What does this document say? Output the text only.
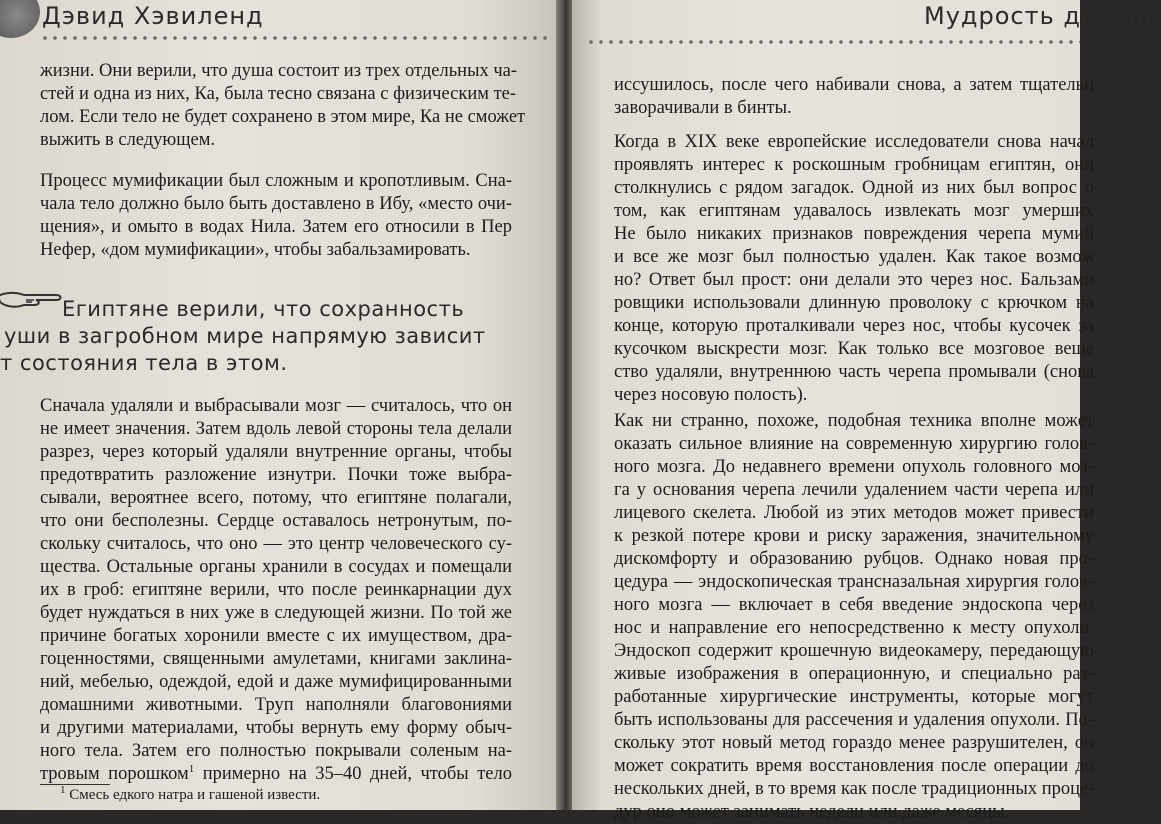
Дэвид Хэвиленд
жизни. Они верили, что душа состоит из трех отдельных ча-
стей и одна из них, Ка, была тесно связана с физическим те-
лом. Если тело не будет сохранено в этом мире, Ка не сможет
выжить в следующем.
Процесс мумификации был сложным и кропотливым. Сна-
чала тело должно было быть доставлено в Ибу, «место очи-
щения», и омыто в водах Нила. Затем его относили в Пер
Нефер, «дом мумификации», чтобы забальзамировать.
Египтяне верили, что сохранность
уши в загробном мире напрямую зависит
т состояния тела в этом.
Сначала удаляли и выбрасывали мозг — считалось, что он
не имеет значения. Затем вдоль левой стороны тела делали
разрез, через который удаляли внутренние органы, чтобы
предотвратить разложение изнутри. Почки тоже выбра-
сывали, вероятнее всего, потому, что египтяне полагали,
что они бесполезны. Сердце оставалось нетронутым, по-
скольку считалось, что оно — это центр человеческого су-
щества. Остальные органы хранили в сосудах и помещали
их в гроб: египтяне верили, что после реинкарнации дух
будет нуждаться в них уже в следующей жизни. По той же
причине богатых хоронили вместе с их имуществом, дра-
гоценностями, священными амулетами, книгами заклина-
ний, мебелью, одеждой, едой и даже мумифицированными
домашними животными. Труп наполняли благовониями
и другими материалами, чтобы вернуть ему форму обыч-
ного тела. Затем его полностью покрывали соленым на-
тровым порошком$^1$ примерно на 35–40 дней, чтобы тело
$^1$ Смесь едкого натра и гашеной извести.
Мудрость древни
иссушилось, после чего набивали снова, а затем тщательн
заворачивали в бинты.
Когда в XIX веке европейские исследователи снова начал
проявлять интерес к роскошным гробницам египтян, они
столкнулись с рядом загадок. Одной из них был вопрос о
том, как египтянам удавалось извлекать мозг умерших
Не было никаких признаков повреждения черепа мумий
и все же мозг был полностью удален. Как такое возмож
но? Ответ был прост: они делали это через нос. Бальзами
ровщики использовали длинную проволоку с крючком на
конце, которую проталкивали через нос, чтобы кусочек за
кусочком выскрести мозг. Как только все мозговое веще
ство удаляли, внутреннюю часть черепа промывали (снова
через носовую полость).
Как ни странно, похоже, подобная техника вполне может
оказать сильное влияние на современную хирургию голов-
ного мозга. До недавнего времени опухоль головного моз-
га у основания черепа лечили удалением части черепа или
лицевого скелета. Любой из этих методов может привести
к резкой потере крови и риску заражения, значительному
дискомфорту и образованию рубцов. Однако новая про-
цедура — эндоскопическая трансназальная хирургия голов-
ного мозга — включает в себя введение эндоскопа через
нос и направление его непосредственно к месту опухоли.
Эндоскоп содержит крошечную видеокамеру, передающую
живые изображения в операционную, и специально раз-
работанные хирургические инструменты, которые могут
быть использованы для рассечения и удаления опухоли. По-
скольку этот новый метод гораздо менее разрушителен, он
может сократить время восстановления после операции до
нескольких дней, в то время как после традиционных проце-
дур оно может занимать недели или даже месяцы.
